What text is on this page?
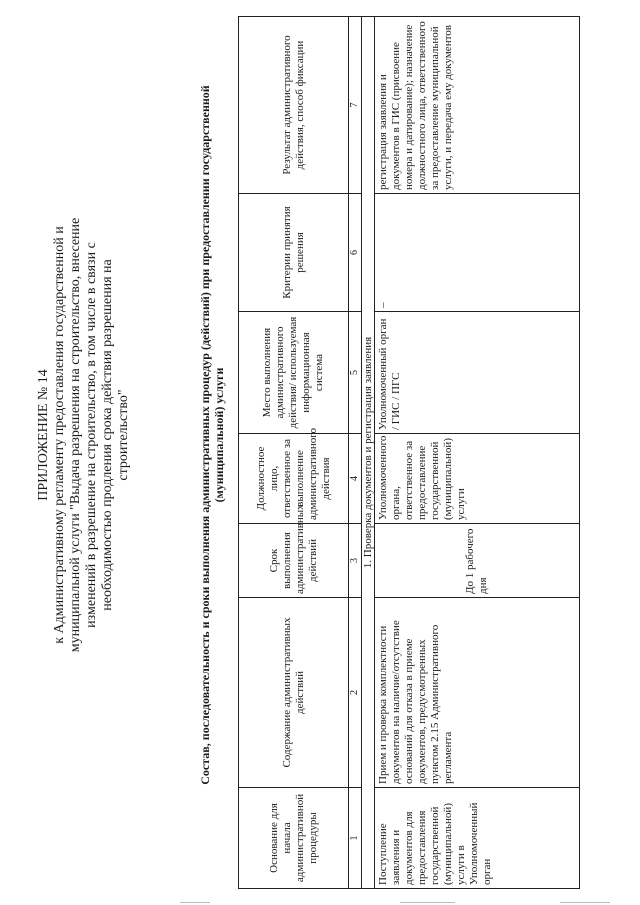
ПРИЛОЖЕНИЕ № 14 к Административному регламенту предоставления государственной и муниципальной услуги "Выдача разрешения на строительство, внесение изменений в разрешение на строительство, в том числе в связи с необходимостью продления срока действия разрешения на строительство"	Состав, последовательность и сроки выполнения административных процедур (действий) при предоставлении государственной (муниципальной) услуги
Основание для начала административной процедуры	Содержание административных действий	Срок выполнения административных действий	Должностное лицо, ответственное за выполнение административного действия	Место выполнения административного действия/ используемая информационная система	Критерии принятия решения	Результат административного действия, способ фиксации
1	2	3	4	5	6	7
1. Проверка документов и регистрация заявления						
Поступление заявления и документов для предоставления государственной (муниципальной) услуги в Уполномоченный орган	Прием и проверка комплектности документов на наличие/отсутствие оснований для отказа в приеме документов, предусмотренных пунктом 2.15 Административного регламента	До 1 рабочего дня	Уполномоченного органа, ответственное за предоставление государственной (муниципальной) услуги	Уполномоченный орган / ГИС / ПГС	–	регистрация заявления и документов в ГИС (присвоение номера и датирование); назначение должностного лица, ответственного за предоставление муниципальной услуги, и передача ему документов
